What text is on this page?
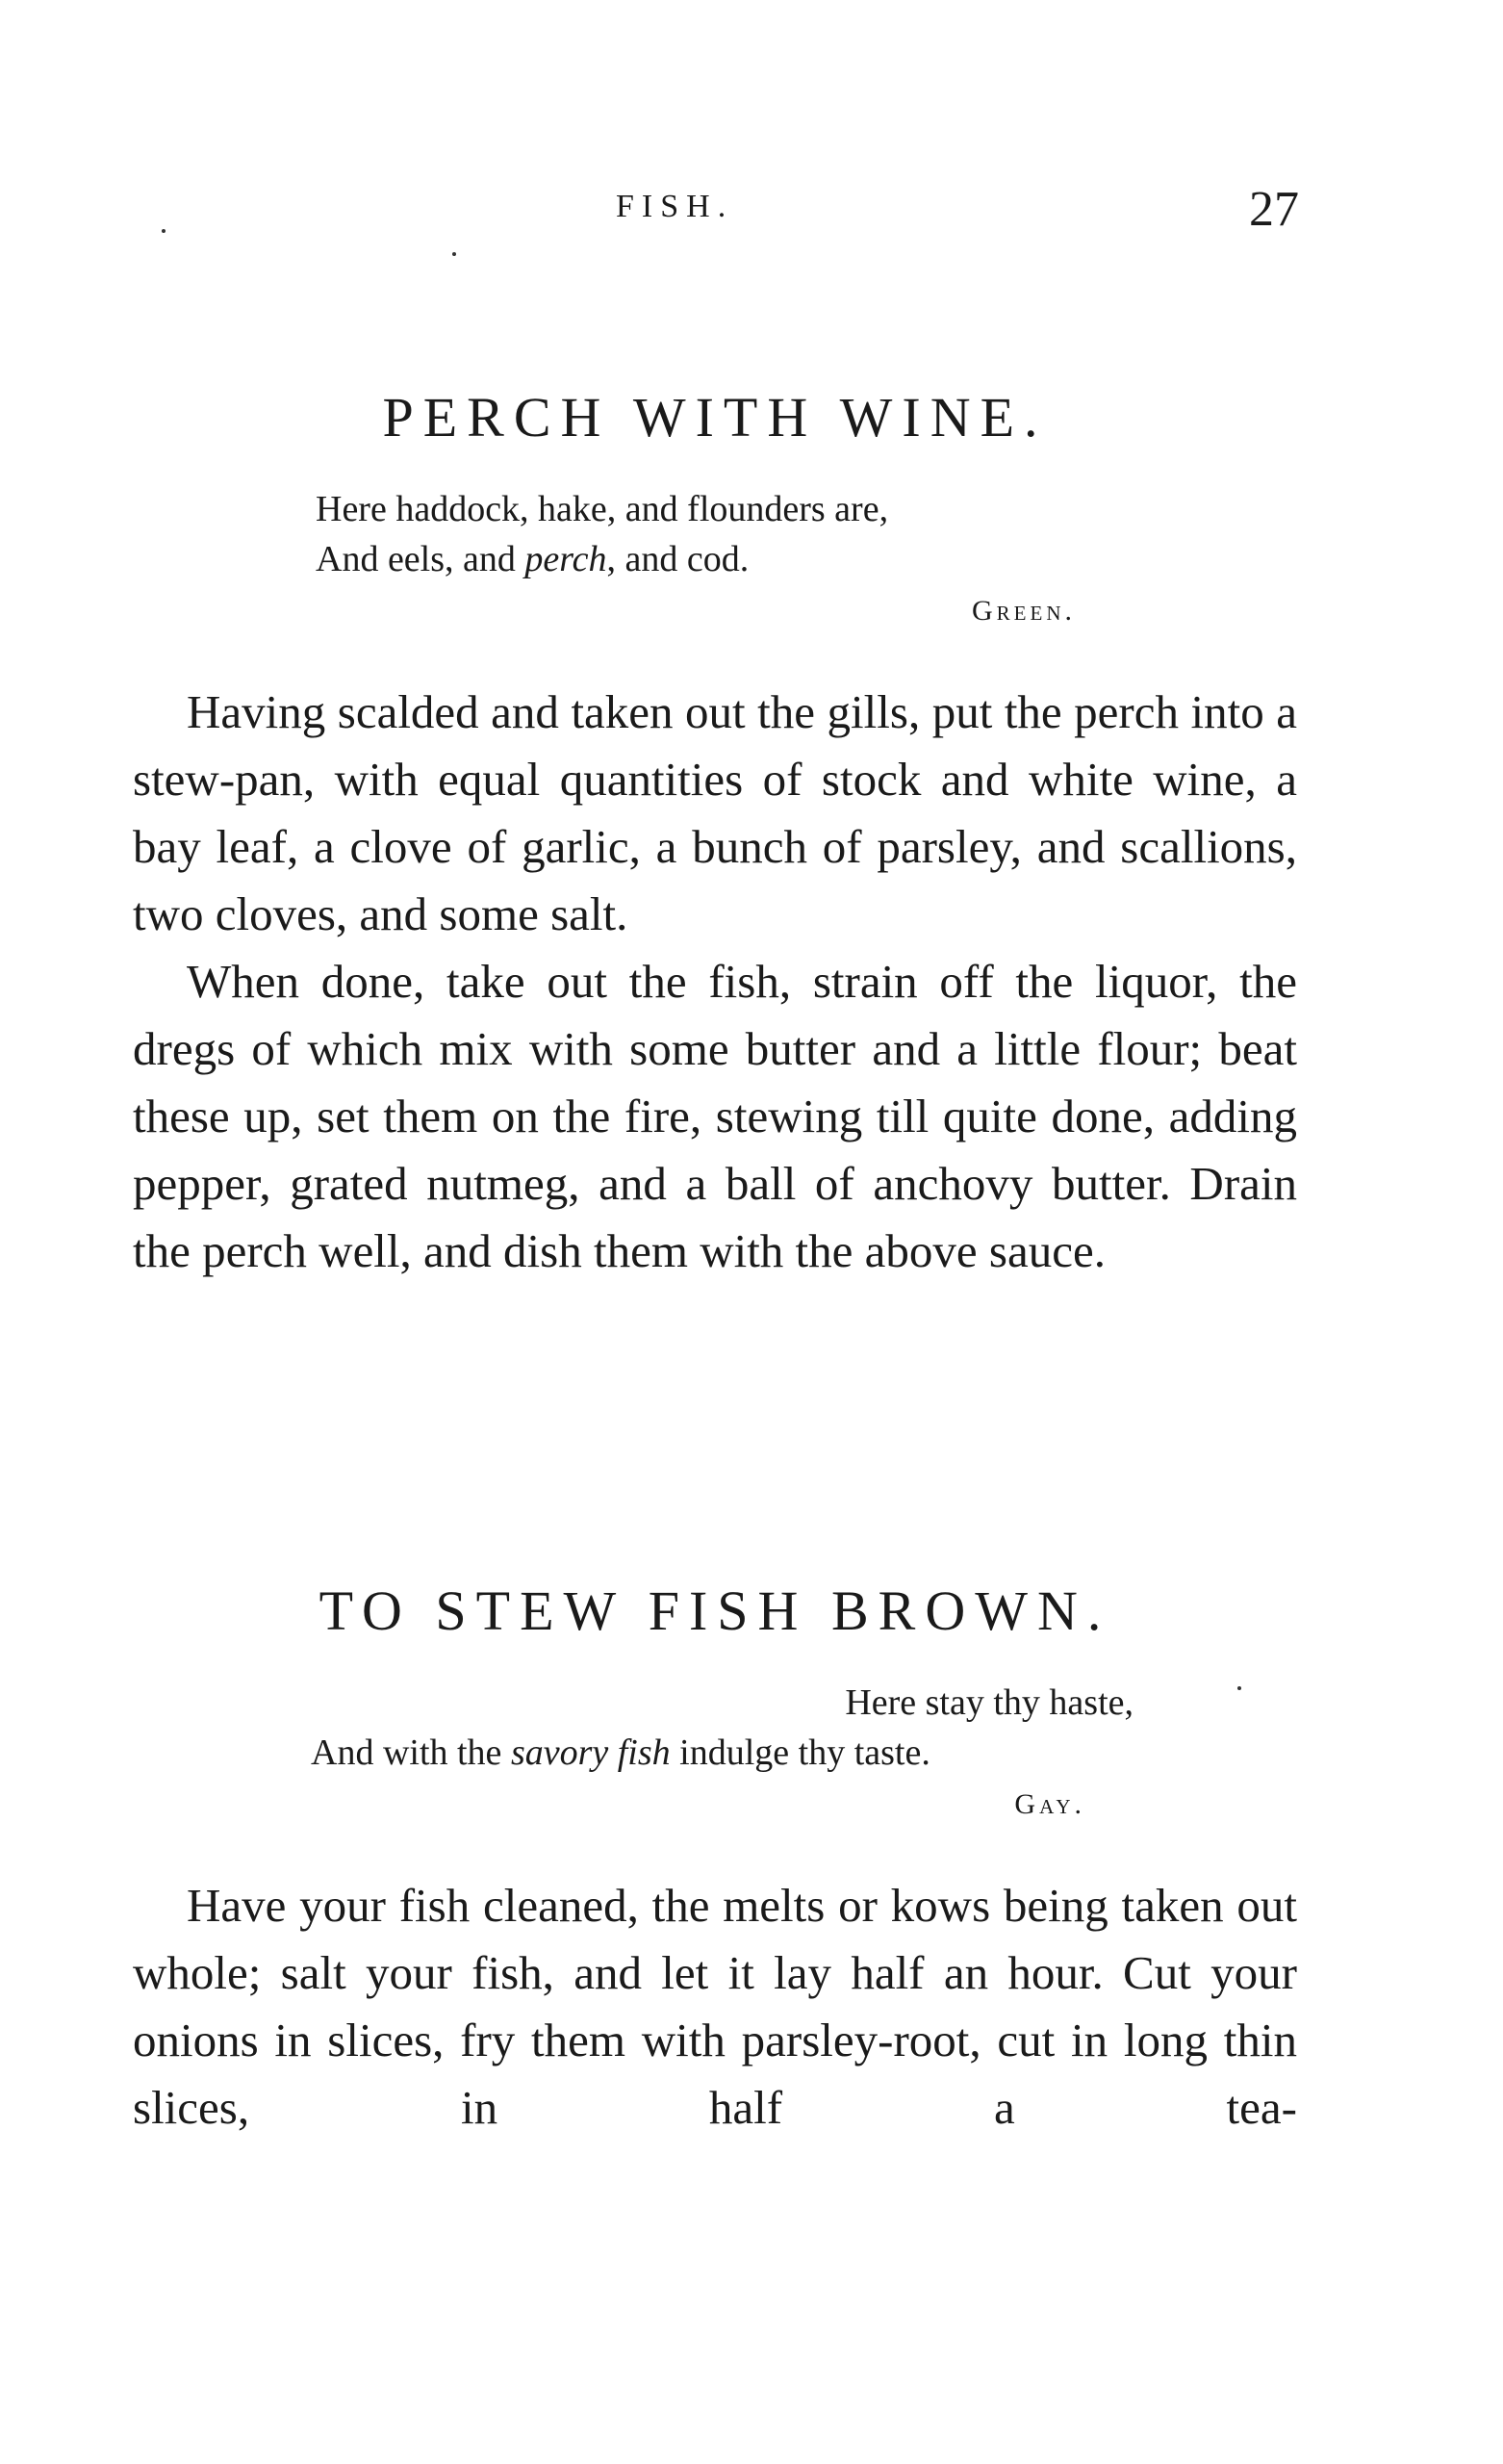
FISH.	27
PERCH WITH WINE.
Here haddock, hake, and flounders are,
And eels, and perch, and cod.
Green.

Having scalded and taken out the gills, put the perch into a stew-pan, with equal quantities of stock and white wine, a bay leaf, a clove of garlic, a bunch of parsley, and scallions, two cloves, and some salt.

When done, take out the fish, strain off the liquor, the dregs of which mix with some butter and a little flour; beat these up, set them on the fire, stewing till quite done, adding pepper, grated nutmeg, and a ball of anchovy butter. Drain the perch well, and dish them with the above sauce.

TO STEW FISH BROWN.
Here stay thy haste,
And with the savory fish indulge thy taste.
Gay.

Have your fish cleaned, the melts or kows being taken out whole; salt your fish, and let it lay half an hour. Cut your onions in slices, fry them with parsley-root, cut in long thin slices, in half a tea-
